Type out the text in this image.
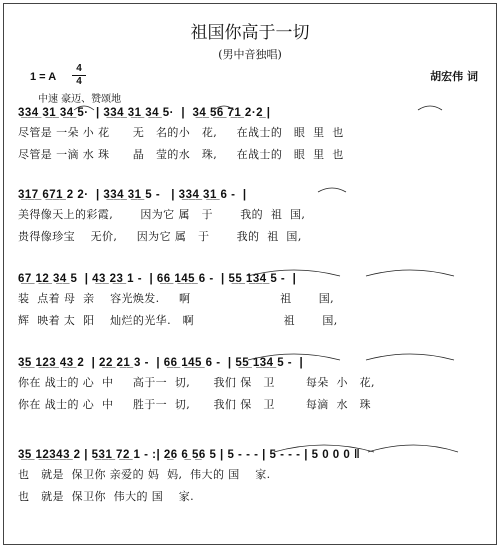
祖国你高于一切
(男中音独唱)
1 = A
4
4	胡宏伟 词
中速 豪迈、赞颂地
3̲3̲4̲ 3̲1̲ 3̲4̲ 5·  | 3̲3̲4̲ 3̲1̲ 3̲4̲ 5·  |  3̲4̲ 5̲6̲ 7̲1̲ 2·2̲ |
尽管是 一朵 小 花      无   名的小   花,     在战士的   眼  里  也
尽管是 一滴 水 珠      晶   莹的水   珠,     在战士的   眼  里  也
3̲1̲7̲ 6̲7̲1̲ 2 2·  | 3̲3̲4̲ 3̲1̲ 5 -   | 3̲3̲4̲ 3̲1̲ 6 -  |
美得像天上的彩霞,       因为它 属   于       我的  祖  国,
贵得像珍宝    无价,     因为它 属   于       我的  祖  国,
6̲7̲ 1̲2̲ 3̲4̲ 5  | 4̲3̲ 2̲3̲ 1 -  | 6̲6̲ 1̲4̲5̲ 6 -  | 5̲5̲ 1̲3̲4̲ 5 -  |
装  点着 母  亲    容光焕发.     啊                       祖       国,
辉  映着 太  阳    灿烂的光华.   啊                       祖       国,
3̲5̲ 1̲2̲3̲ 4̲3̲ 2  | 2̲2̲ 2̲1̲ 3 -  | 6̲6̲ 1̲4̲5̲ 6 -  | 5̲5̲ 1̲3̲4̲ 5 -  |
你在 战士的 心  中     高于一  切,      我们 保   卫        每朵  小   花,
你在 战士的 心  中     胜于一  切,      我们 保   卫        每滴  水   珠
3̲5̲ 1̲2̲3̲4̲3̲ 2 | 5̲3̲1̲ 7̲2̲ 1 - :| 2̲6 6̲ 5̲6 5 | 5 - - - | 5 - - - | 5 0 0 0 ‖
也   就是  保卫你 亲爱的 妈  妈,  伟大的 国    家.
也   就是  保卫你  伟大的 国    家.
